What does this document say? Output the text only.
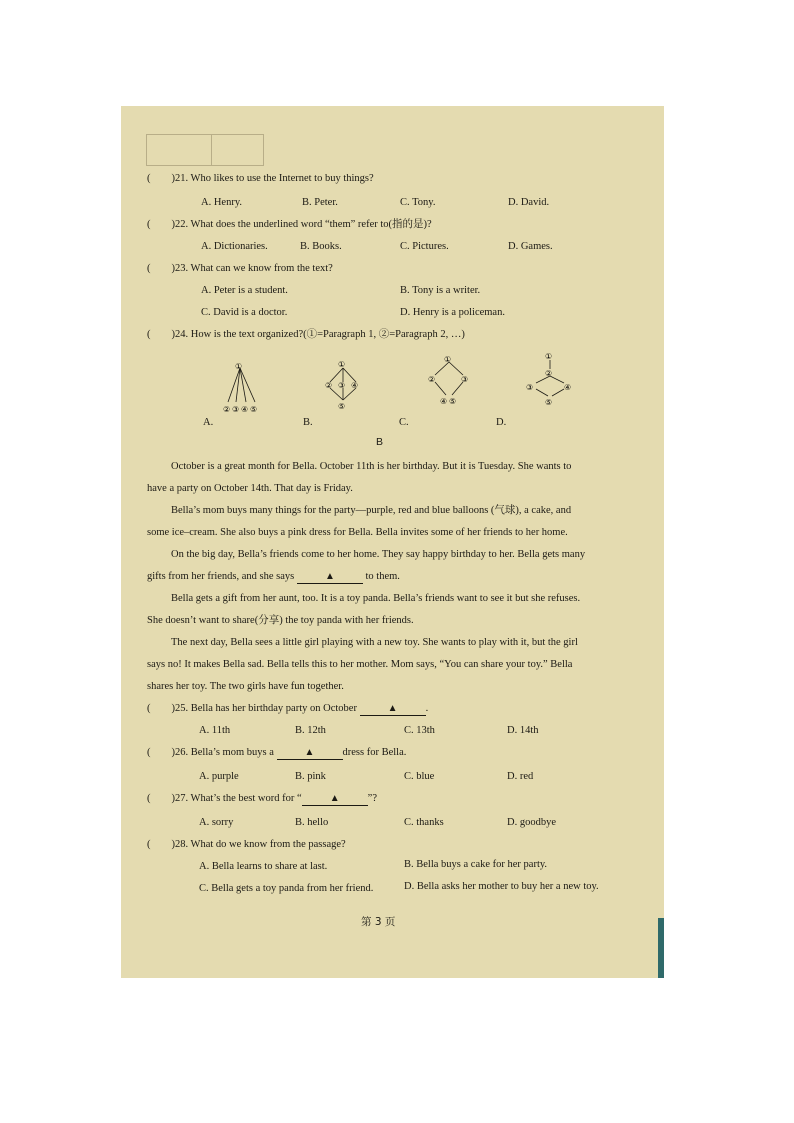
(　　)21. Who likes to use the Internet to buy things?
A. Henry.	B. Peter.	C. Tony.	D. David.
(　　)22. What does the underlined word “them” refer to(指的是)?
A. Dictionaries.	B. Books.	C. Pictures.	D. Games.
(　　)23. What can we know from the text?
A. Peter is a student.	B. Tony is a writer.
C. David is a doctor.	D. Henry is a policeman.
(　　)24. How is the text organized?(①=Paragraph 1, ②=Paragraph 2, …)
①
② ③ ④ ⑤
A.
①
② ③ ④
⑤
B.
①
②	③
④ ⑤
C.
①
②
③	④
⑤
D.
B
October is a great month for Bella. October 11th is her birthday. But it is Tuesday. She wants to
have a party on October 14th. That day is Friday.
Bella’s mom buys many things for the party—purple, red and blue balloons (气球), a cake, and
some ice–cream. She also buys a pink dress for Bella. Bella invites some of her friends to her home.
On the big day, Bella’s friends come to her home. They say happy birthday to her. Bella gets many
gifts from her friends, and she says	▲	to them.
Bella gets a gift from her aunt, too. It is a toy panda. Bella’s friends want to see it but she refuses.
She doesn’t want to share(分享) the toy panda with her friends.
The next day, Bella sees a little girl playing with a new toy. She wants to play with it, but the girl
says no! It makes Bella sad. Bella tells this to her mother. Mom says, “You can share your toy.” Bella
shares her toy. The two girls have fun together.
(　　)25. Bella has her birthday party on October	▲	.
A. 11th	B. 12th	C. 13th	D. 14th
(　　)26. Bella’s mom buys a	▲	dress for Bella.
A. purple	B. pink	C. blue	D. red
(　　)27. What’s the best word for “	▲	”?
A. sorry	B. hello	C. thanks	D. goodbye
(　　)28. What do we know from the passage?
A. Bella learns to share at last.	B. Bella buys a cake for her party.
C. Bella gets a toy panda from her friend.	D. Bella asks her mother to buy her a new toy.
第 3 页
